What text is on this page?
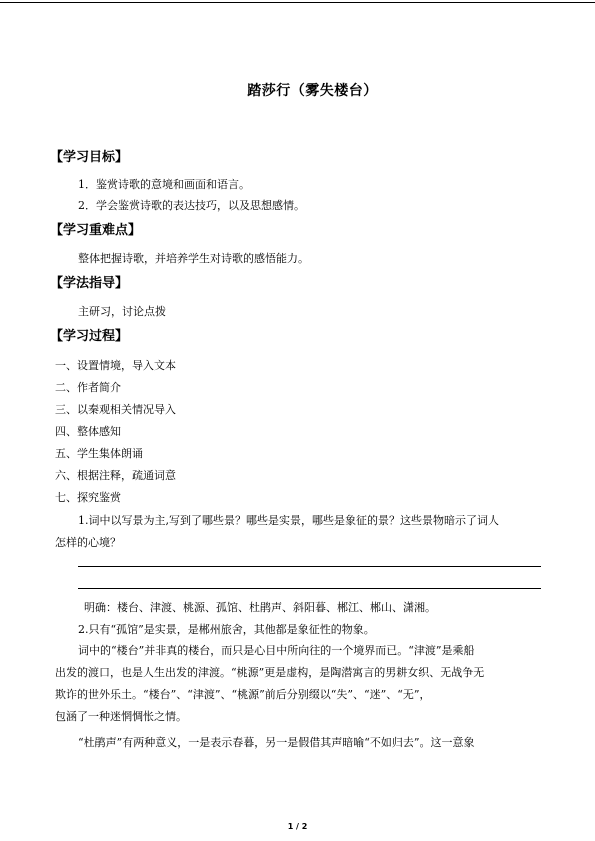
踏莎行（雾失楼台）
【学习目标】
1．鉴赏诗歌的意境和画面和语言。
2．学会鉴赏诗歌的表达技巧，以及思想感情。
【学习重难点】
整体把握诗歌，并培养学生对诗歌的感悟能力。
【学法指导】
主研习，讨论点拨
【学习过程】
一、设置情境，导入文本
二、作者简介
三、以秦观相关情况导入
四、整体感知
五、学生集体朗诵
六、根据注释，疏通词意
七、探究鉴赏
1.词中以写景为主,写到了哪些景？哪些是实景，哪些是象征的景？这些景物暗示了词人
怎样的心境？
明确：楼台、津渡、桃源、孤馆、杜鹃声、斜阳暮、郴江、郴山、潇湘。
2.只有“孤馆”是实景，是郴州旅舍，其他都是象征性的物象。
词中的“楼台”并非真的楼台，而只是心目中所向往的一个境界而已。“津渡”是乘船
出发的渡口，也是人生出发的津渡。“桃源”更是虚构，是陶潜寓言的男耕女织、无战争无
欺诈的世外乐土。“楼台”、“津渡”、“桃源”前后分别缀以“失”、“迷”、“无”，
包涵了一种迷惘惆怅之情。
“杜鹃声”有两种意义，一是表示春暮，另一是假借其声暗喻“不如归去”。这一意象
1 / 2
